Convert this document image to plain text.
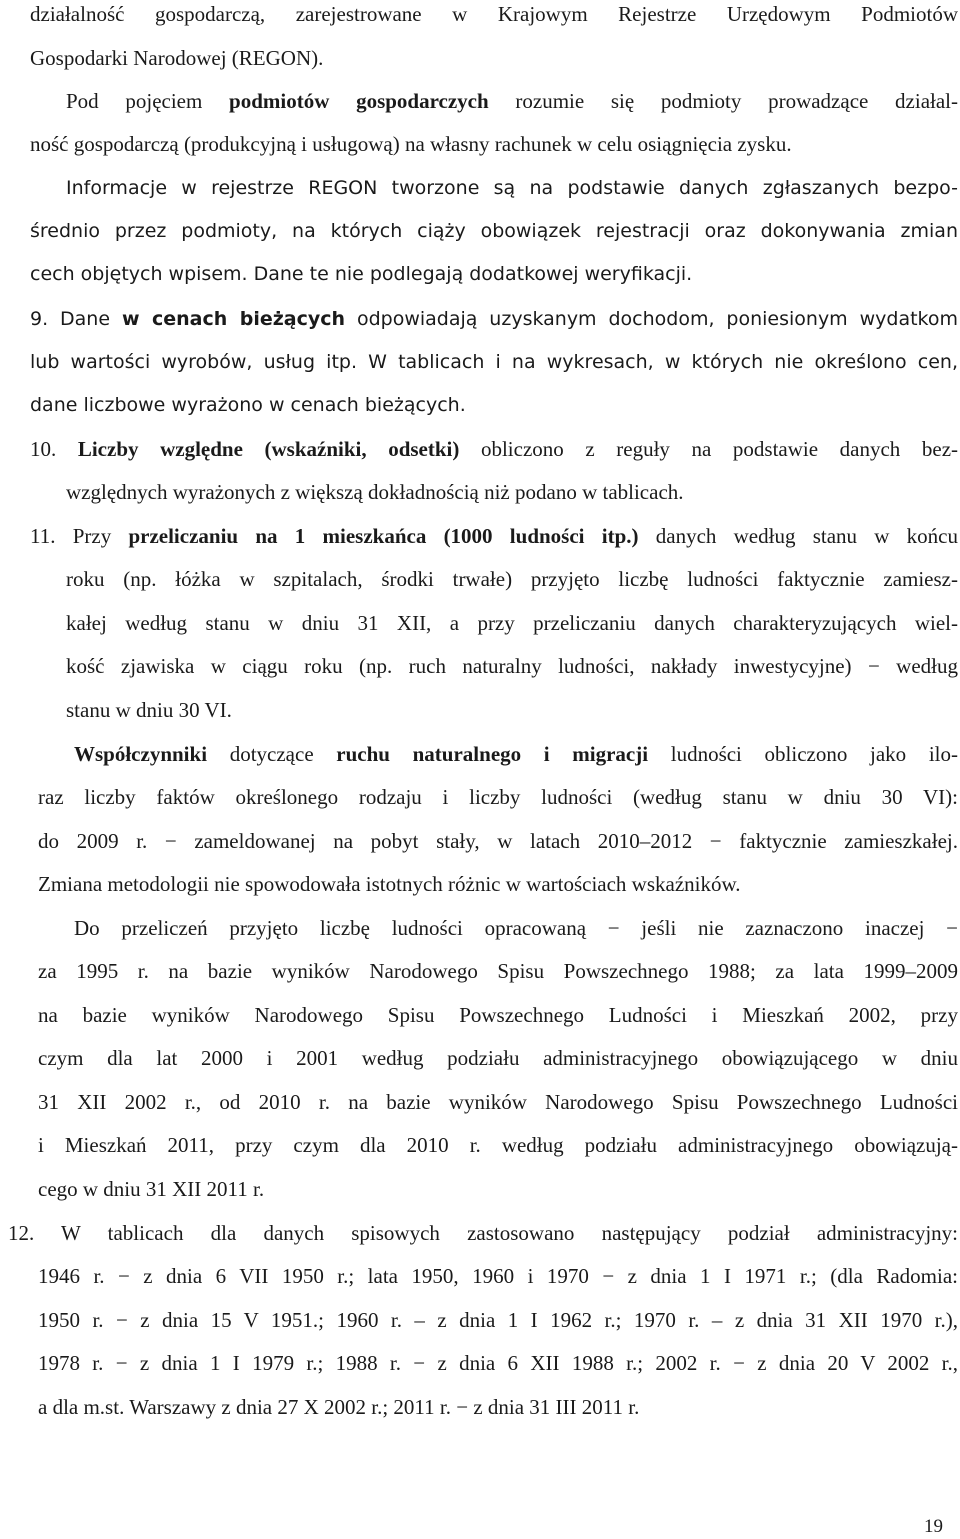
działalność gospodarczą, zarejestrowane w Krajowym Rejestrze Urzędowym Podmiotów
Gospodarki Narodowej (REGON).
Pod pojęciem podmiotów gospodarczych rozumie się podmioty prowadzące działal-
ność gospodarczą (produkcyjną i usługową) na własny rachunek w celu osiągnięcia zysku.
Informacje w rejestrze REGON tworzone są na podstawie danych zgłaszanych bezpo-
średnio przez podmioty, na których ciąży obowiązek rejestracji oraz dokonywania zmian
cech objętych wpisem. Dane te nie podlegają dodatkowej weryfikacji.
9. Dane w cenach bieżących odpowiadają uzyskanym dochodom, poniesionym wydatkom
lub wartości wyrobów, usług itp. W tablicach i na wykresach, w których nie określono cen,
dane liczbowe wyrażono w cenach bieżących.
10. Liczby względne (wskaźniki, odsetki) obliczono z reguły na podstawie danych bez-
względnych wyrażonych z większą dokładnością niż podano w tablicach.
11. Przy przeliczaniu na 1 mieszkańca (1000 ludności itp.) danych według stanu w końcu
roku (np. łóżka w szpitalach, środki trwałe) przyjęto liczbę ludności faktycznie zamiesz-
kałej według stanu w dniu 31 XII, a przy przeliczaniu danych charakteryzujących wiel-
kość zjawiska w ciągu roku (np. ruch naturalny ludności, nakłady inwestycyjne) − według
stanu w dniu 30 VI.
Współczynniki dotyczące ruchu naturalnego i migracji ludności obliczono jako ilo-
raz liczby faktów określonego rodzaju i liczby ludności (według stanu w dniu 30 VI):
do 2009 r. − zameldowanej na pobyt stały, w latach 2010–2012 − faktycznie zamieszkałej.
Zmiana metodologii nie spowodowała istotnych różnic w wartościach wskaźników.
Do przeliczeń przyjęto liczbę ludności opracowaną − jeśli nie zaznaczono inaczej −
za 1995 r. na bazie wyników Narodowego Spisu Powszechnego 1988; za lata 1999–2009
na bazie wyników Narodowego Spisu Powszechnego Ludności i Mieszkań 2002, przy
czym dla lat 2000 i 2001 według podziału administracyjnego obowiązującego w dniu
31 XII 2002 r., od 2010 r. na bazie wyników Narodowego Spisu Powszechnego Ludności
i Mieszkań 2011, przy czym dla 2010 r. według podziału administracyjnego obowiązują-
cego w dniu 31 XII 2011 r.
12. W tablicach dla danych spisowych zastosowano następujący podział administracyjny:
1946 r. − z dnia 6 VII 1950 r.; lata 1950, 1960 i 1970 − z dnia 1 I 1971 r.; (dla Radomia:
1950 r. − z dnia 15 V 1951.; 1960 r. – z dnia 1 I 1962 r.; 1970 r. – z dnia 31 XII 1970 r.),
1978 r. − z dnia 1 I 1979 r.; 1988 r. − z dnia 6 XII 1988 r.; 2002 r. − z dnia 20 V 2002 r.,
a dla m.st. Warszawy z dnia 27 X 2002 r.; 2011 r. − z dnia 31 III 2011 r.
19
